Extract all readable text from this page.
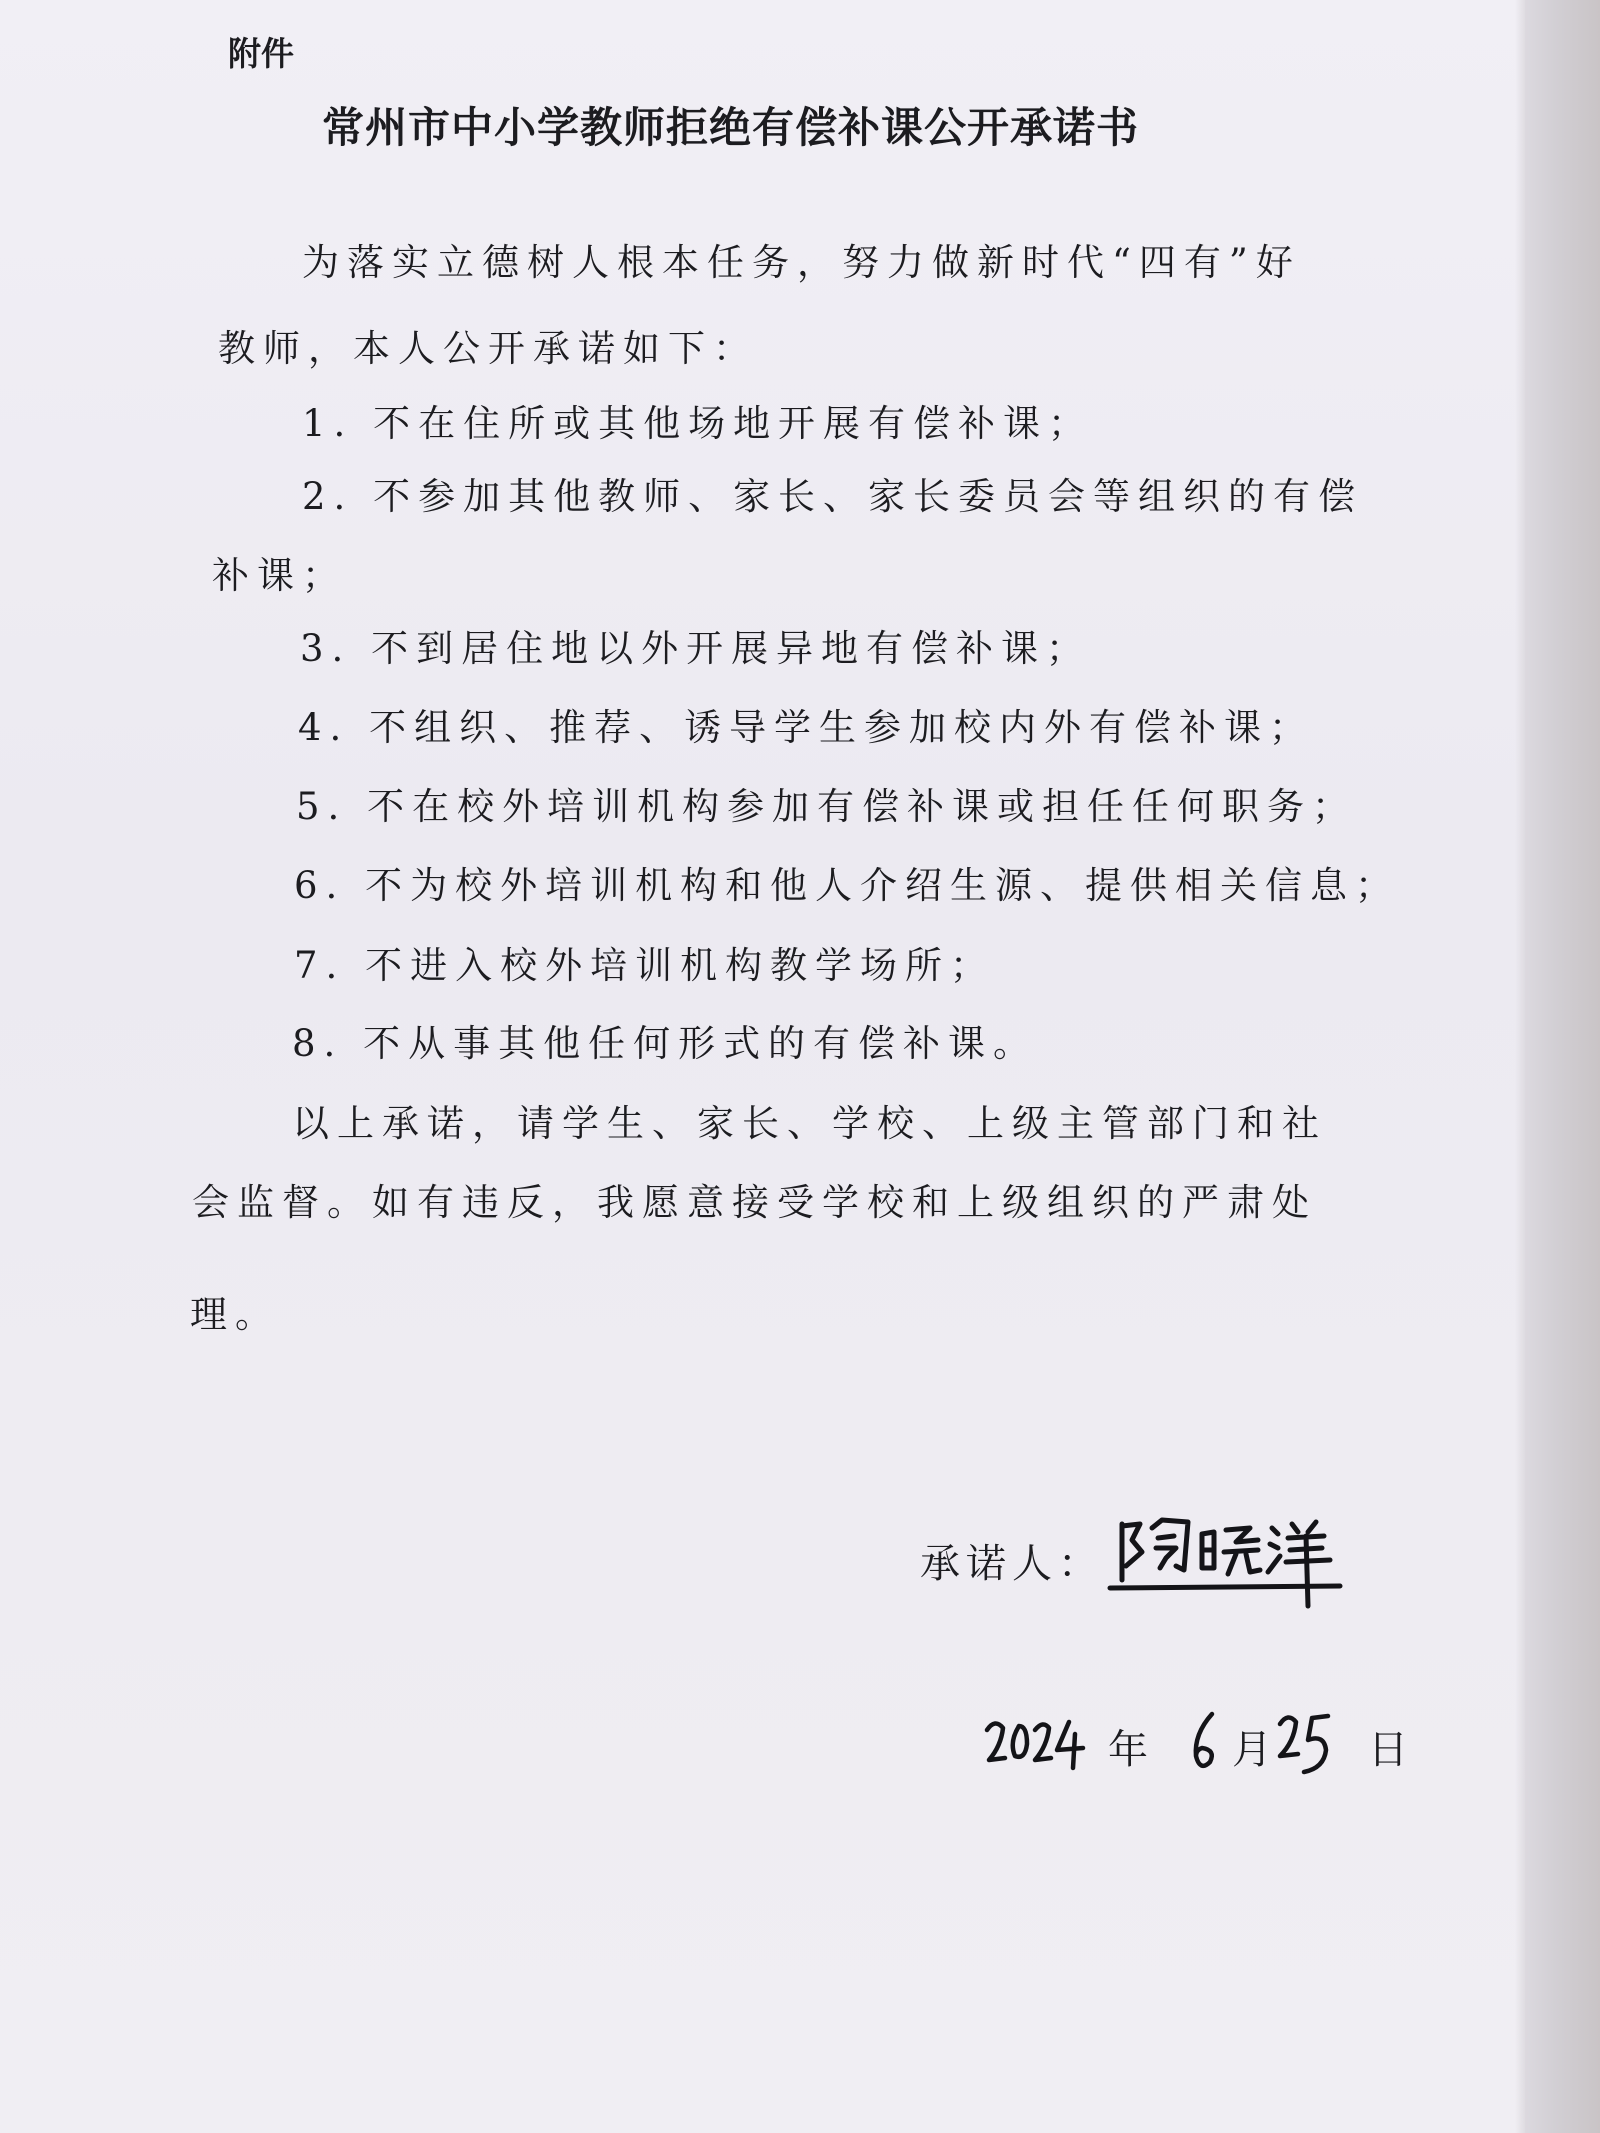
附件
常州市中小学教师拒绝有偿补课公开承诺书
为落实立德树人根本任务，努力做新时代“四有”好
教师，本人公开承诺如下：
1. 不在住所或其他场地开展有偿补课；
2. 不参加其他教师、家长、家长委员会等组织的有偿
补课；
3. 不到居住地以外开展异地有偿补课；
4. 不组织、推荐、诱导学生参加校内外有偿补课；
5. 不在校外培训机构参加有偿补课或担任任何职务；
6. 不为校外培训机构和他人介绍生源、提供相关信息；
7. 不进入校外培训机构教学场所；
8. 不从事其他任何形式的有偿补课。
以上承诺，请学生、家长、学校、上级主管部门和社
会监督。如有违反，我愿意接受学校和上级组织的严肃处
理。
承诺人：
年 月 日
